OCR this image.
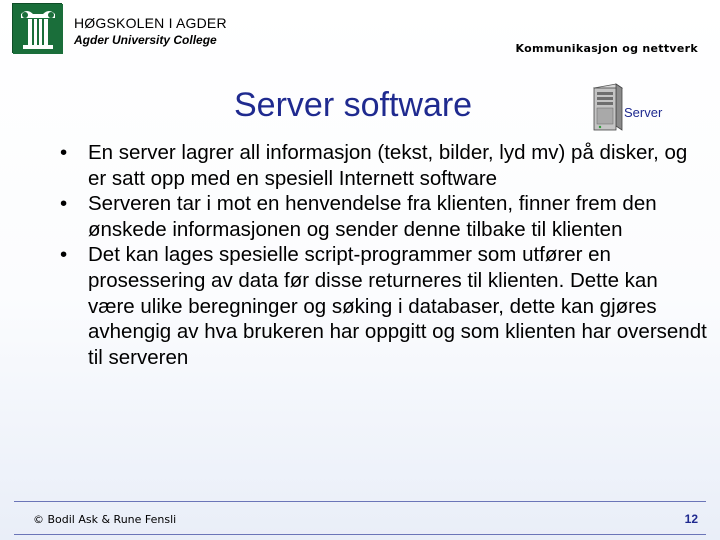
HØGSKOLEN I AGDER
Agder University College
Kommunikasjon og nettverk
Server software	Server
• En server lagrer all informasjon (tekst, bilder, lyd mv) på disker, og er satt opp med en spesiell Internett software
• Serveren tar i mot en henvendelse fra klienten, finner frem den ønskede informasjonen og sender denne tilbake til klienten
• Det kan lages spesielle script-programmer som utfører en prosessering av data før disse returneres til klienten. Dette kan være ulike beregninger og søking i databaser, dette kan gjøres avhengig av hva brukeren har oppgitt og som klienten har oversendt til serveren
© Bodil Ask & Rune Fensli	12
